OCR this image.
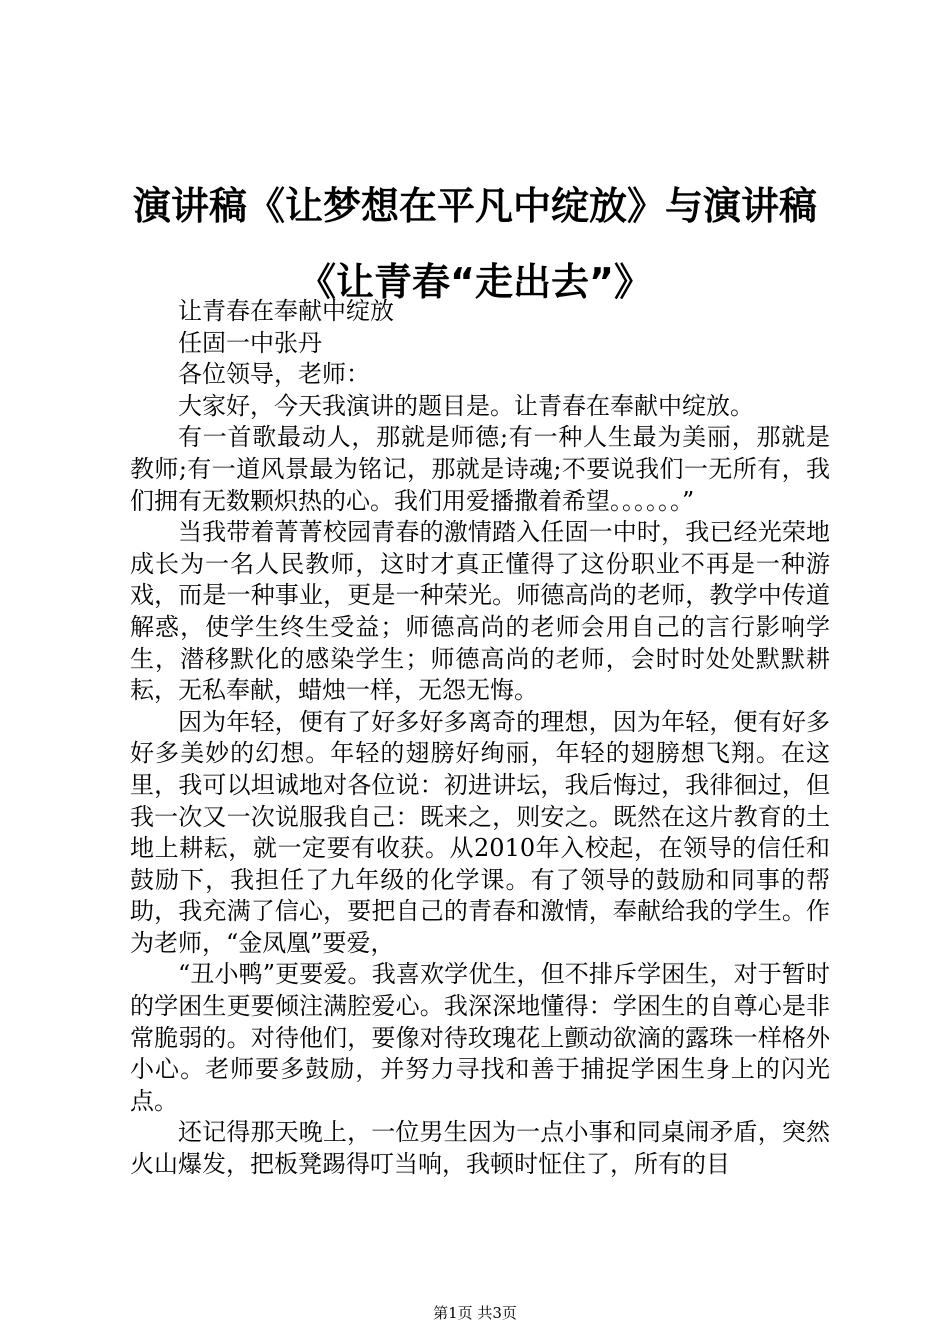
演讲稿《让梦想在平凡中绽放》与演讲稿《让青春“走出去”》

让青春在奉献中绽放

任固一中张丹

各位领导，老师：

大家好，今天我演讲的题目是。让青春在奉献中绽放。

有一首歌最动人，那就是师德;有一种人生最为美丽，那就是教师;有一道风景最为铭记，那就是诗魂;不要说我们一无所有，我们拥有无数颗炽热的心。我们用爱播撒着希望。。。。。。”

当我带着菁菁校园青春的激情踏入任固一中时，我已经光荣地成长为一名人民教师，这时才真正懂得了这份职业不再是一种游戏，而是一种事业，更是一种荣光。师德高尚的老师，教学中传道解惑，使学生终生受益；师德高尚的老师会用自己的言行影响学生，潜移默化的感染学生；师德高尚的老师，会时时处处默默耕耘，无私奉献，蜡烛一样，无怨无悔。

因为年轻，便有了好多好多离奇的理想，因为年轻，便有好多好多美妙的幻想。年轻的翅膀好绚丽，年轻的翅膀想飞翔。在这里，我可以坦诚地对各位说：初进讲坛，我后悔过，我徘徊过，但我一次又一次说服我自己：既来之，则安之。既然在这片教育的土地上耕耘，就一定要有收获。从2010年入校起，在领导的信任和鼓励下，我担任了九年级的化学课。有了领导的鼓励和同事的帮助，我充满了信心，要把自己的青春和激情，奉献给我的学生。作为老师，“金凤凰”要爱，

“丑小鸭”更要爱。我喜欢学优生，但不排斥学困生，对于暂时的学困生更要倾注满腔爱心。我深深地懂得：学困生的自尊心是非常脆弱的。对待他们，要像对待玫瑰花上颤动欲滴的露珠一样格外小心。老师要多鼓励，并努力寻找和善于捕捉学困生身上的闪光点。

还记得那天晚上，一位男生因为一点小事和同桌闹矛盾，突然火山爆发，把板凳踢得叮当响，我顿时怔住了，所有的目

第1页 共3页
